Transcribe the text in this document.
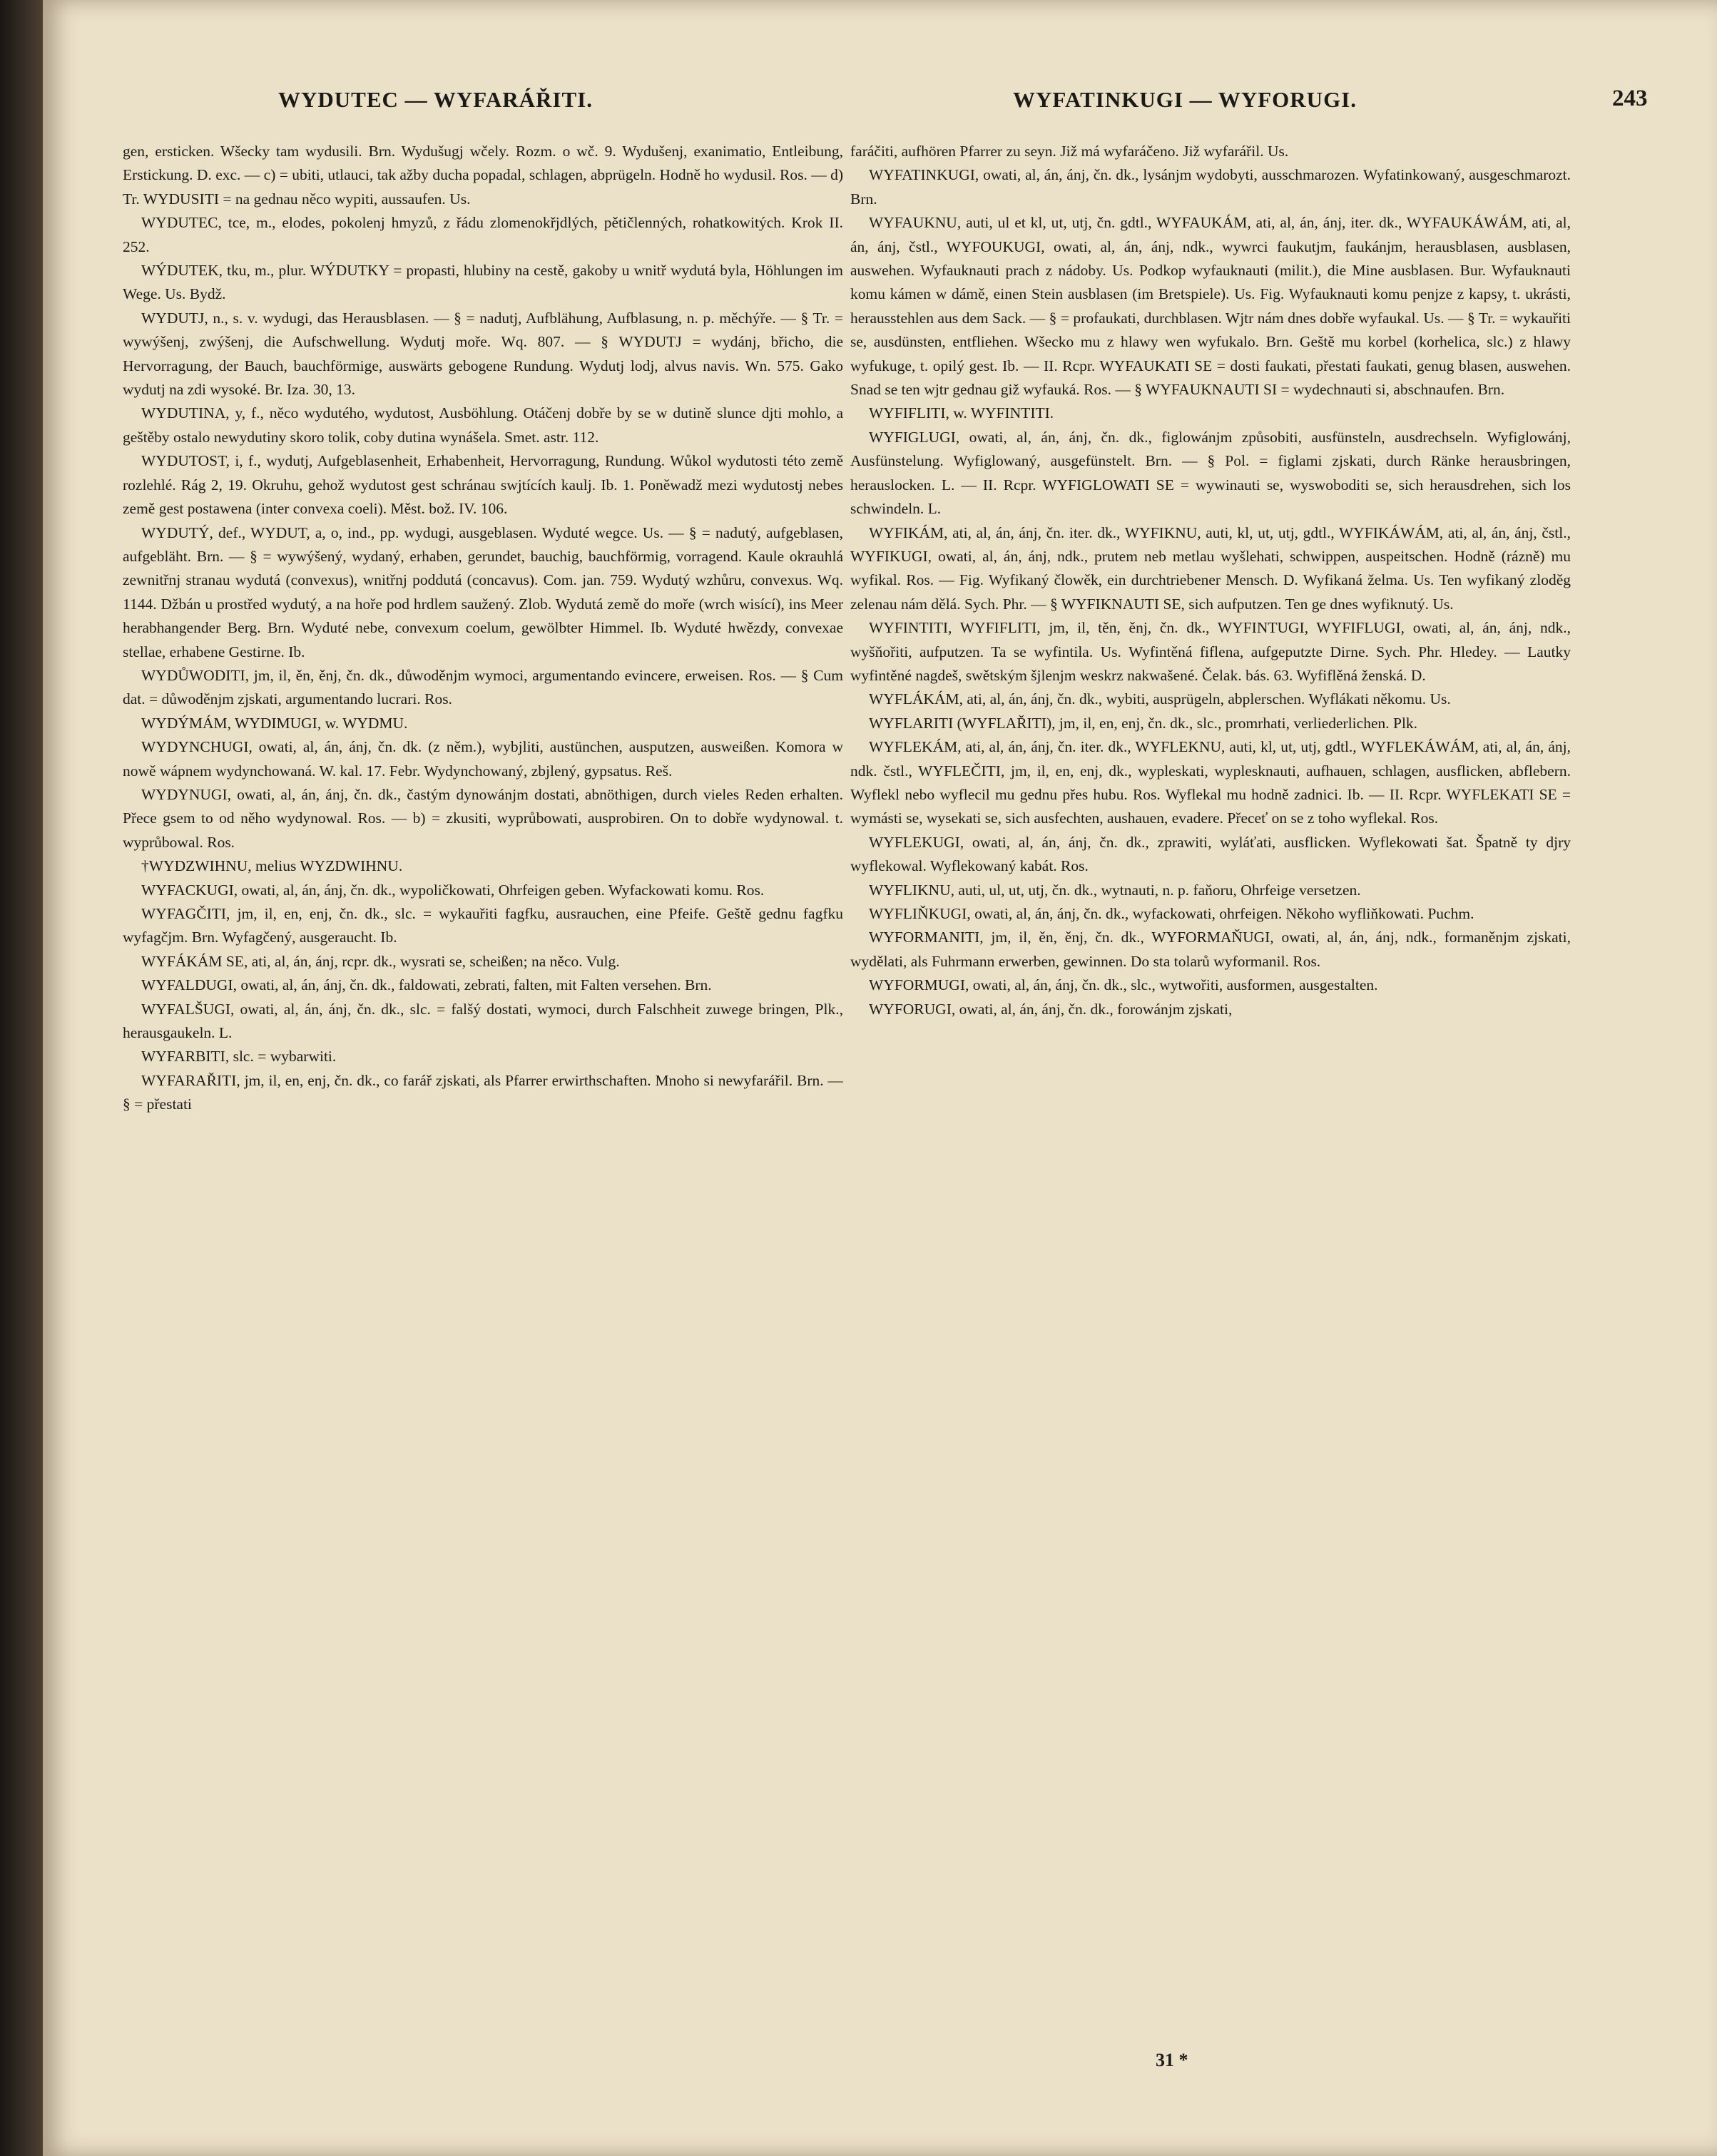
WYDUTEC — WYFARÁŘITI.	WYFATINKUGI — WYFORUGI.	243

gen, ersticken. Wšecky tam wydusili. Brn. Wydušugj wčely. Rozm. o wč. 9. Wydušenj, exanimatio, Entleibung, Erstickung. D. exc. — c) = ubiti, utlauci, tak ažby ducha popadal, schlagen, abprügeln. Hodně ho wydusil. Ros. — d) Tr. WYDUSITI = na gednau něco wypiti, aussaufen. Us.

WYDUTEC, tce, m., elodes, pokolenj hmyzů, z řádu zlomenokřjdlých, pětičlenných, rohatkowitých. Krok II. 252.

WÝDUTEK, tku, m., plur. WÝDUTKY = propasti, hlubiny na cestě, gakoby u wnitř wydutá byla, Höhlungen im Wege. Us. Bydž.

WYDUTJ, n., s. v. wydugi, das Herausblasen. — § = nadutj, Aufblähung, Aufblasung, n. p. měchýře. — § Tr. = wywýšenj, zwýšenj, die Aufschwellung. Wydutj moře. Wq. 807. — § WYDUTJ = wydánj, břicho, die Hervorragung, der Bauch, bauchförmige, auswärts gebogene Rundung. Wydutj lodj, alvus navis. Wn. 575. Gako wydutj na zdi wysoké. Br. Iza. 30, 13.

WYDUTINA, y, f., něco wydutého, wydutost, Ausböhlung. Otáčenj dobře by se w dutině slunce djti mohlo, a geštěby ostalo newydutiny skoro tolik, coby dutina wynášela. Smet. astr. 112.

WYDUTOST, i, f., wydutj, Aufgeblasenheit, Erhabenheit, Hervorragung, Rundung. Wůkol wydutosti této země rozlehlé. Rág 2, 19. Okruhu, gehož wydutost gest schránau swjtících kaulj. Ib. 1. Poněwadž mezi wydutostj nebes země gest postawena (inter convexa coeli). Měst. bož. IV. 106.

WYDUTÝ, def., WYDUT, a, o, ind., pp. wydugi, ausgeblasen. Wyduté wegce. Us. — § = nadutý, aufgeblasen, aufgebläht. Brn. — § = wywýšený, wydaný, erhaben, gerundet, bauchig, bauchförmig, vorragend. Kaule okrauhlá zewnitřnj stranau wydutá (convexus), wnitřnj poddutá (concavus). Com. jan. 759. Wydutý wzhůru, convexus. Wq. 1144. Džbán u prostřed wydutý, a na hoře pod hrdlem saužený. Zlob. Wydutá země do moře (wrch wisící), ins Meer herabhangender Berg. Brn. Wyduté nebe, convexum coelum, gewölbter Himmel. Ib. Wyduté hwězdy, convexae stellae, erhabene Gestirne. Ib.

WYDŮWODITI, jm, il, ěn, ěnj, čn. dk., důwoděnjm wymoci, argumentando evincere, erweisen. Ros. — § Cum dat. = důwoděnjm zjskati, argumentando lucrari. Ros.

WYDÝMÁM, WYDIMUGI, w. WYDMU.

WYDYNCHUGI, owati, al, án, ánj, čn. dk. (z něm.), wybjliti, austünchen, ausputzen, ausweißen. Komora w nowě wápnem wydynchowaná. W. kal. 17. Febr. Wydynchowaný, zbjlený, gypsatus. Reš.

WYDYNUGI, owati, al, án, ánj, čn. dk., častým dynowánjm dostati, abnöthigen, durch vieles Reden erhalten. Přece gsem to od něho wydynowal. Ros. — b) = zkusiti, wyprůbowati, ausprobiren. On to dobře wydynowal. t. wyprůbowal. Ros.

†WYDZWIHNU, melius WYZDWIHNU.

WYFACKUGI, owati, al, án, ánj, čn. dk., wypoličkowati, Ohrfeigen geben. Wyfackowati komu. Ros.

WYFAGČITI, jm, il, en, enj, čn. dk., slc. = wykauřiti fagfku, ausrauchen, eine Pfeife. Geště gednu fagfku wyfagčjm. Brn. Wyfagčený, ausgeraucht. Ib.

WYFÁKÁM SE, ati, al, án, ánj, rcpr. dk., wysrati se, scheißen; na něco. Vulg.

WYFALDUGI, owati, al, án, ánj, čn. dk., faldowati, zebrati, falten, mit Falten versehen. Brn.

WYFALŠUGI, owati, al, án, ánj, čn. dk., slc. = falšý dostati, wymoci, durch Falschheit zuwege bringen, Plk., herausgaukeln. L.

WYFARBITI, slc. = wybarwiti.

WYFARAŘITI, jm, il, en, enj, čn. dk., co farář zjskati, als Pfarrer erwirthschaften. Mnoho si newyfarářil. Brn. — § = přestati

faráčiti, aufhören Pfarrer zu seyn. Již má wyfaráčeno. Již wyfarářil. Us.

WYFATINKUGI, owati, al, án, ánj, čn. dk., lysánjm wydobyti, ausschmarozen. Wyfatinkowaný, ausgeschmarozt. Brn.

WYFAUKNU, auti, ul et kl, ut, utj, čn. gdtl., WYFAUKÁM, ati, al, án, ánj, iter. dk., WYFAUKÁWÁM, ati, al, án, ánj, čstl., WYFOUKUGI, owati, al, án, ánj, ndk., wywrci faukutjm, faukánjm, herausblasen, ausblasen, auswehen. Wyfauknauti prach z nádoby. Us. Podkop wyfauknauti (milit.), die Mine ausblasen. Bur. Wyfauknauti komu kámen w dámě, einen Stein ausblasen (im Bretspiele). Us. Fig. Wyfauknauti komu penjze z kapsy, t. ukrásti, herausstehlen aus dem Sack. — § = profaukati, durchblasen. Wjtr nám dnes dobře wyfaukal. Us. — § Tr. = wykauřiti se, ausdünsten, entfliehen. Wšecko mu z hlawy wen wyfukalo. Brn. Geště mu korbel (korhelica, slc.) z hlawy wyfukuge, t. opilý gest. Ib. — II. Rcpr. WYFAUKATI SE = dosti faukati, přestati faukati, genug blasen, auswehen. Snad se ten wjtr gednau giž wyfauká. Ros. — § WYFAUKNAUTI SI = wydechnauti si, abschnaufen. Brn.

WYFIFLITI, w. WYFINTITI.

WYFIGLUGI, owati, al, án, ánj, čn. dk., figlowánjm způsobiti, ausfünsteln, ausdrechseln. Wyfiglowánj, Ausfünstelung. Wyfiglowaný, ausgefünstelt. Brn. — § Pol. = figlami zjskati, durch Ränke herausbringen, herauslocken. L. — II. Rcpr. WYFIGLOWATI SE = wywinauti se, wyswoboditi se, sich herausdrehen, sich los schwindeln. L.

WYFIKÁM, ati, al, án, ánj, čn. iter. dk., WYFIKNU, auti, kl, ut, utj, gdtl., WYFIKÁWÁM, ati, al, án, ánj, čstl., WYFIKUGI, owati, al, án, ánj, ndk., prutem neb metlau wyšlehati, schwippen, auspeitschen. Hodně (rázně) mu wyfikal. Ros. — Fig. Wyfikaný člowěk, ein durchtriebener Mensch. D. Wyfikaná želma. Us. Ten wyfikaný zloděg zelenau nám dělá. Sych. Phr. — § WYFIKNAUTI SE, sich aufputzen. Ten ge dnes wyfiknutý. Us.

WYFINTITI, WYFIFLITI, jm, il, těn, ěnj, čn. dk., WYFINTUGI, WYFIFLUGI, owati, al, án, ánj, ndk., wyšňořiti, aufputzen. Ta se wyfintila. Us. Wyfintěná fiflena, aufgeputzte Dirne. Sych. Phr. Hledey. — Lautky wyfintěné nagdeš, swětským šjlenjm weskrz nakwašené. Čelak. bás. 63. Wyfiflěná ženská. D.

WYFLÁKÁM, ati, al, án, ánj, čn. dk., wybiti, ausprügeln, abplerschen. Wyflákati někomu. Us.

WYFLARITI (WYFLAŘITI), jm, il, en, enj, čn. dk., slc., promrhati, verliederlichen. Plk.

WYFLEKÁM, ati, al, án, ánj, čn. iter. dk., WYFLEKNU, auti, kl, ut, utj, gdtl., WYFLEKÁWÁM, ati, al, án, ánj, ndk. čstl., WYFLEČITI, jm, il, en, enj, dk., wypleskati, wyplesknauti, aufhauen, schlagen, ausflicken, abflebern. Wyflekl nebo wyflecil mu gednu přes hubu. Ros. Wyflekal mu hodně zadnici. Ib. — II. Rcpr. WYFLEKATI SE = wymásti se, wysekati se, sich ausfechten, aushauen, evadere. Přeceť on se z toho wyflekal. Ros.

WYFLEKUGI, owati, al, án, ánj, čn. dk., zprawiti, wyláťati, ausflicken. Wyflekowati šat. Špatně ty djry wyflekowal. Wyflekowaný kabát. Ros.

WYFLIKNU, auti, ul, ut, utj, čn. dk., wytnauti, n. p. faňoru, Ohrfeige versetzen.

WYFLIŇKUGI, owati, al, án, ánj, čn. dk., wyfackowati, ohrfeigen. Někoho wyfliňkowati. Puchm.

WYFORMANITI, jm, il, ěn, ěnj, čn. dk., WYFORMAŇUGI, owati, al, án, ánj, ndk., formaněnjm zjskati, wydělati, als Fuhrmann erwerben, gewinnen. Do sta tolarů wyformanil. Ros.

WYFORMUGI, owati, al, án, ánj, čn. dk., slc., wytwořiti, ausformen, ausgestalten.

WYFORUGI, owati, al, án, ánj, čn. dk., forowánjm zjskati,

31 *
